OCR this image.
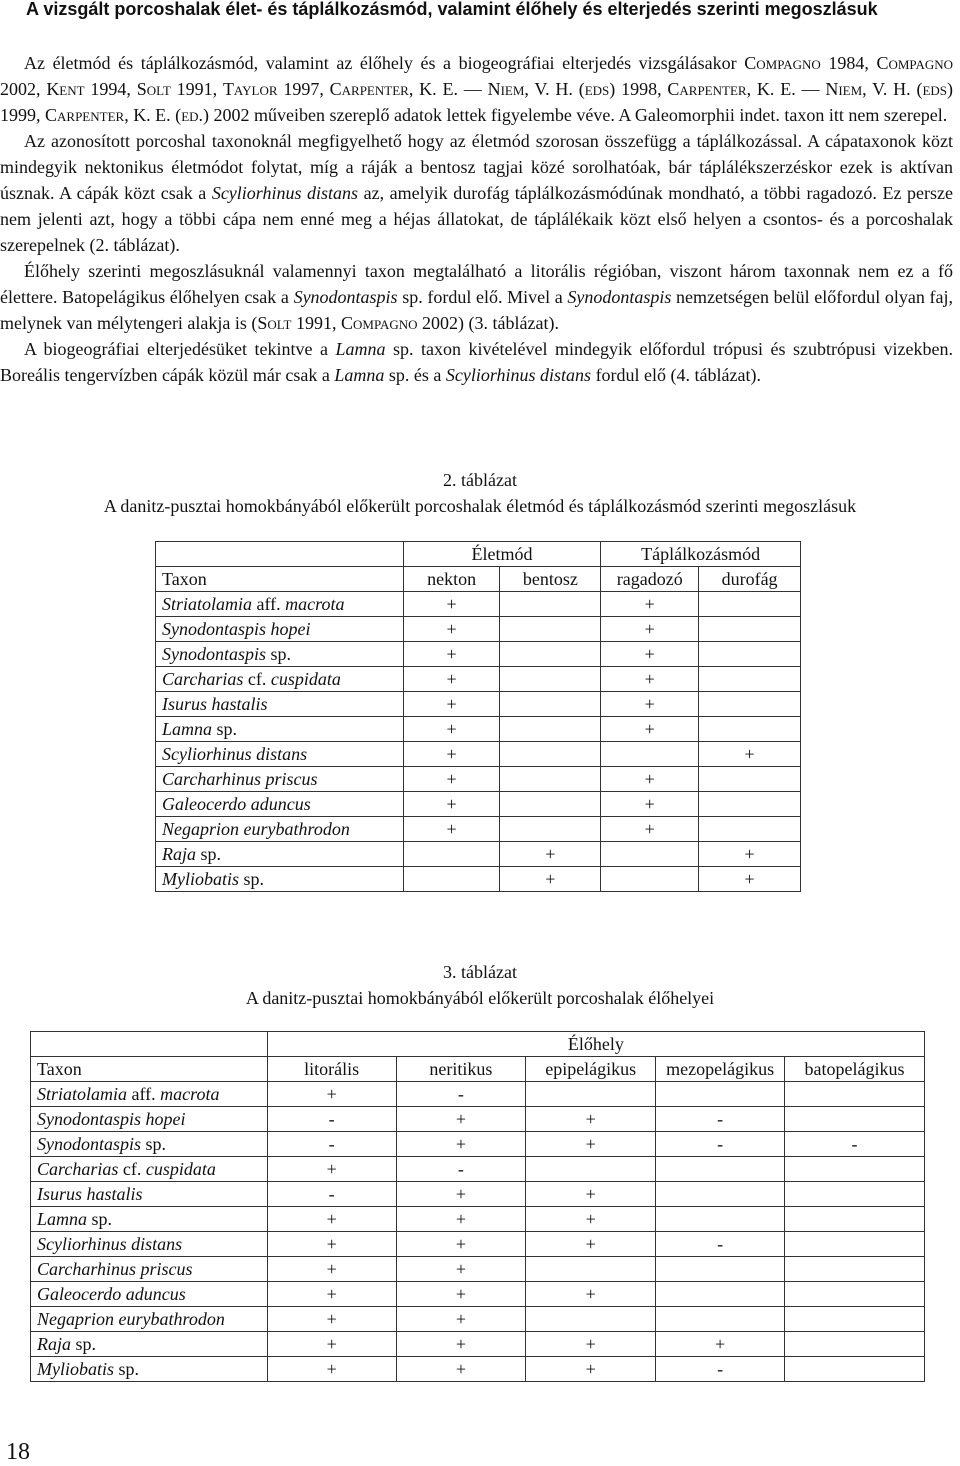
A vizsgált porcoshalak élet- és táplálkozásmód, valamint élőhely és elterjedés szerinti megoszlásuk

Az életmód és táplálkozásmód, valamint az élőhely és a biogeográfiai elterjedés vizsgálásakor Compagno 1984, Compagno 2002, Kent 1994, Solt 1991, Taylor 1997, Carpenter, K. E. — Niem, V. H. (eds) 1998, Carpenter, K. E. — Niem, V. H. (eds) 1999, Carpenter, K. E. (ed.) 2002 műveiben szereplő adatok lettek figyelembe véve. A Galeomorphii indet. taxon itt nem szerepel.

Az azonosított porcoshal taxonoknál megfigyelhető hogy az életmód szorosan összefügg a táplálkozással. A cápataxonok közt mindegyik nektonikus életmódot folytat, míg a ráják a bentosz tagjai közé sorolhatóak, bár táplálékszerzéskor ezek is aktívan úsznak. A cápák közt csak a Scyliorhinus distans az, amelyik durofág táplálkozásmódúnak mondható, a többi ragadozó. Ez persze nem jelenti azt, hogy a többi cápa nem enné meg a héjas állatokat, de táplálékaik közt első helyen a csontos- és a porcoshalak szerepelnek (2. táblázat).

Élőhely szerinti megoszlásuknál valamennyi taxon megtalálható a litorális régióban, viszont három taxonnak nem ez a fő élettere. Batopelágikus élőhelyen csak a Synodontaspis sp. fordul elő. Mivel a Synodontaspis nemzetségen belül előfordul olyan faj, melynek van mélytengeri alakja is (Solt 1991, Compagno 2002) (3. táblázat).

A biogeográfiai elterjedésüket tekintve a Lamna sp. taxon kivételével mindegyik előfordul trópusi és szubtrópusi vizekben. Boreális tengervízben cápák közül már csak a Lamna sp. és a Scyliorhinus distans fordul elő (4. táblázat).

2. táblázat
A danitz-pusztai homokbányából előkerült porcoshalak életmód és táplálkozásmód szerinti megoszlásuk
	Életmód		Táplálkozásmód	
Taxon	nekton	bentosz	ragadozó	durofág
Striatolamia aff. macrota	+		+	
Synodontaspis hopei	+		+	
Synodontaspis sp.	+		+	
Carcharias cf. cuspidata	+		+	
Isurus hastalis	+		+	
Lamna sp.	+		+	
Scyliorhinus distans	+			+
Carcharhinus priscus	+		+	
Galeocerdo aduncus	+		+	
Negaprion eurybathrodon	+		+	
Raja sp.		+		+
Myliobatis sp.		+		+
3. táblázat
A danitz-pusztai homokbányából előkerült porcoshalak élőhelyei
	Élőhely				
Taxon	litorális	neritikus	epipelágikus	mezopelágikus	batopelágikus
Striatolamia aff. macrota	+	-			
Synodontaspis hopei	-	+	+	-	
Synodontaspis sp.	-	+	+	-	-
Carcharias cf. cuspidata	+	-			
Isurus hastalis	-	+	+		
Lamna sp.	+	+	+		
Scyliorhinus distans	+	+	+	-	
Carcharhinus priscus	+	+			
Galeocerdo aduncus	+	+	+		
Negaprion eurybathrodon	+	+			
Raja sp.	+	+	+	+	
Myliobatis sp.	+	+	+	-	
18
